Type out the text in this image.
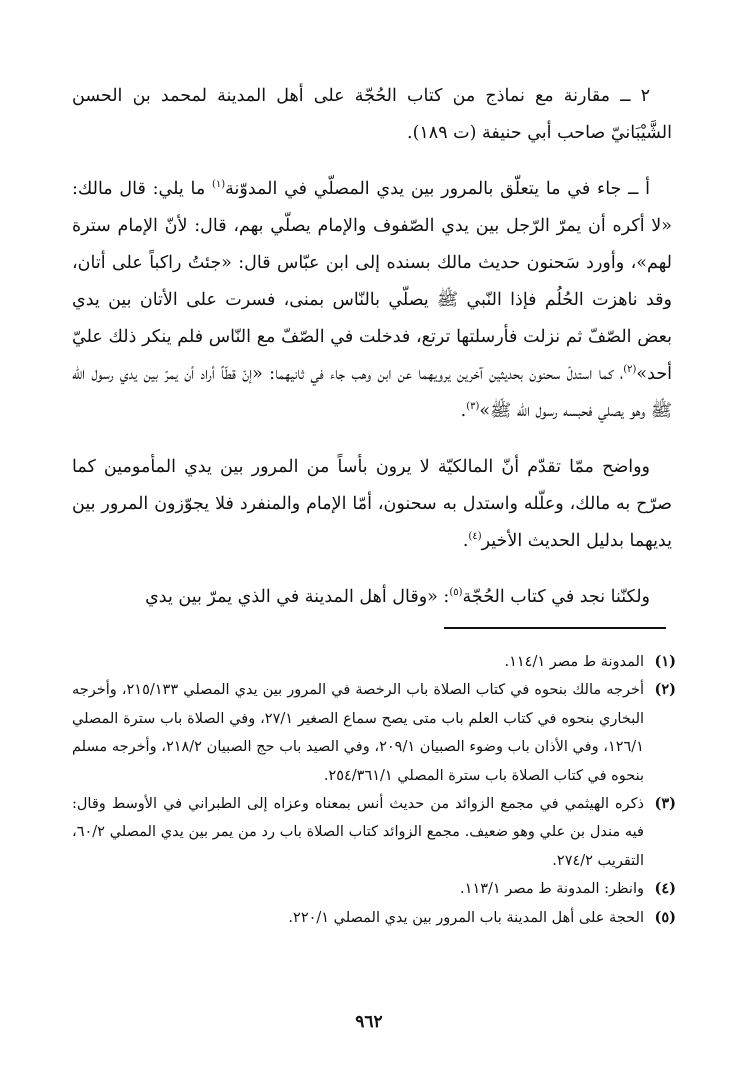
٢ ــ مقارنة مع نماذج من كتاب الحُجّة على أهل المدينة لمحمد بن الحسن الشَّيْبَانيّ صاحب أبي حنيفة (ت ١٨٩).

أ ــ جاء في ما يتعلّق بالمرور بين يدي المصلّي في المدوّنة$^{(١)}$ ما يلي: قال مالك: «لا أكره أن يمرّ الرّجل بين يدي الصّفوف والإمام يصلّي بهم، قال: لأنّ الإمام سترة لهم»، وأورد سَحنون حديث مالك بسنده إلى ابن عبّاس قال: «جئتُ راكباً على أتان، وقد ناهزت الحُلُم فإذا النّبي ﷺ يصلّي بالنّاس بمنى، فسرت على الأتان بين يدي بعض الصّفّ ثم نزلت فأرسلتها ترتع، فدخلت في الصّفّ مع النّاس فلم ينكر ذلك عليّ أحد»$^{(٢)}$، كما استدلّ سحنون بحديثين آخرين يرويهما عن ابن وهب جاء في ثانيهما: «إنّ قطّاً أراد أن يمرّ بين يدي رسول الله ﷺ وهو يصلي فحبسه رسول الله ﷺ»$^{(٣)}$.

وواضح ممّا تقدّم أنّ المالكيّة لا يرون بأساً من المرور بين يدي المأمومين كما صرّح به مالك، وعلّله واستدل به سحنون، أمّا الإمام والمنفرد فلا يجوّزون المرور بين يديهما بدليل الحديث الأخير$^{(٤)}$.

ولكنّنا نجد في كتاب الحُجّة$^{(٥)}$: «وقال أهل المدينة في الذي يمرّ بين يدي

(١)
المدونة ط مصر ١١٤/١.
(٢)
أخرجه مالك بنحوه في كتاب الصلاة باب الرخصة في المرور بين يدي المصلي ٢١٥/١٣٣، وأخرجه البخاري بنحوه في كتاب العلم باب متى يصح سماع الصغير ٢٧/١، وفي الصلاة باب سترة المصلي ١٢٦/١، وفي الأذان باب وضوء الصبيان ٢٠٩/١، وفي الصيد باب حج الصبيان ٢١٨/٢، وأخرجه مسلم بنحوه في كتاب الصلاة باب سترة المصلي ٢٥٤/٣٦١/١.
(٣)
ذكره الهيثمي في مجمع الزوائد من حديث أنس بمعناه وعزاه إلى الطبراني في الأوسط وقال: فيه مندل بن علي وهو ضعيف. مجمع الزوائد كتاب الصلاة باب رد من يمر بين يدي المصلي ٦٠/٢، التقريب ٢٧٤/٢.
(٤)
وانظر: المدونة ط مصر ١١٣/١.
(٥)
الحجة على أهل المدينة باب المرور بين يدي المصلي ٢٢٠/١.
٩٦٢
